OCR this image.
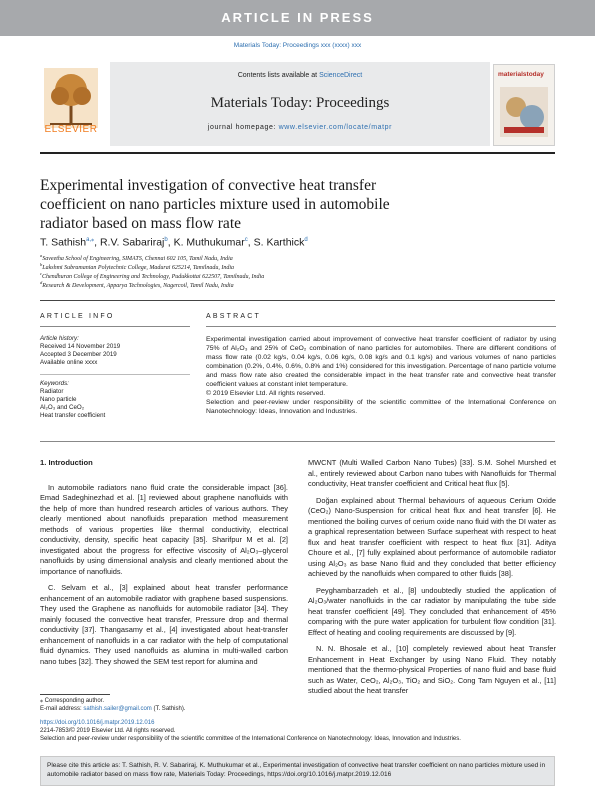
ARTICLE IN PRESS
Materials Today: Proceedings xxx (xxxx) xxx
ELSEVIER
Contents lists available at ScienceDirect
Materials Today: Proceedings
journal homepage: www.elsevier.com/locate/matpr
materialstoday
Experimental investigation of convective heat transfer coefficient on nano particles mixture used in automobile radiator based on mass flow rate
T. Sathish$^{a,⁎}$, R.V. Sabariraj$^b$, K. Muthukumar$^c$, S. Karthick$^d$
$^a$Saveetha School of Engineering, SIMATS, Chennai 602 105, Tamil Nadu, India
$^b$Lakshmi Subramanian Polytechnic College, Madurai 625214, Tamilnadu, India
$^c$Chendhuran College of Engineering and Technology, Pudukkottai 622507, Tamilnadu, India
$^d$Research & Development, Apparya Technologies, Nagercoil, Tamil Nadu, India
ARTICLE INFO	ABSTRACT
Article history:
Received 14 November 2019
Accepted 3 December 2019
Available online xxxx
Keywords:
Radiator
Nano particle
Al₂O₃ and CeO₂
Heat transfer coefficient

Experimental investigation carried about improvement of convective heat transfer coefficient of radiator by using 75% of Al₂O₃ and 25% of CeO₂ combination of nano particles for automobiles. There are different conditions of mass flow rate (0.02 kg/s, 0.04 kg/s, 0.06 kg/s, 0.08 kg/s and 0.1 kg/s) and various volumes of nano particles combination (0.2%, 0.4%, 0.6%, 0.8% and 1%) considered for this investigation. Percentage of nano particle volume and mass flow rate also created the considerable impact in the heat transfer rate and convective heat transfer coefficient values at constant inlet temperature.

© 2019 Elsevier Ltd. All rights reserved.

Selection and peer-review under responsibility of the scientific committee of the International Conference on Nanotechnology: Ideas, Innovation and Industries.

1. Introduction

In automobile radiators nano fluid crate the considerable impact [36]. Emad Sadeghinezhad et al. [1] reviewed about graphene nanofluids with the help of more than hundred research articles of various authors. They clearly mentioned about nanofluids preparation method measurement methods of various properties like thermal conductivity, electrical conductivity, density, specific heat capacity [35]. Sharifpur M et al. [2] investigated about the progress for effective viscosity of Al₂O₃–glycerol nanofluids by using dimensional analysis and clearly mentioned about the importance of nanofluids.

C. Selvam et al., [3] explained about heat transfer performance enhancement of an automobile radiator with graphene based suspensions. They used the Graphene as nanofluids for automobile radiator [34]. They mainly focused the convective heat transfer, Pressure drop and thermal conductivity [37]. Thangasamy et al., [4] investigated about heat-transfer enhancement of nanofluids in a car radiator with the help of computational fluid dynamics. They used nanofluids as alumina in multi-walled carbon nano tubes [32]. They showed the SEM test report for alumina and

MWCNT (Multi Walled Carbon Nano Tubes) [33]. S.M. Sohel Murshed et al., entirely reviewed about Carbon nano tubes with Nanofluids for Thermal conductivity, Heat transfer coefficient and Critical heat flux [5].

Doğan explained about Thermal behaviours of aqueous Cerium Oxide (CeO₂) Nano-Suspension for critical heat flux and heat transfer [6]. He mentioned the boiling curves of cerium oxide nano fluid with the DI water as a graphical representation between Surface superheat with respect to heat flux and heat transfer coefficient with respect to heat flux [31]. Aditya Choure et al., [7] fully explained about performance of automobile radiator using Al₂O₃ as base Nano fluid and they concluded that better efficiency achieved by the nanofluids when compared to other fluids [38].

Peyghambarzadeh et al., [8] undoubtedly studied the application of Al₂O₃/water nanofluids in the car radiator by manipulating the tube side heat transfer coefficient [49]. They concluded that enhancement of 45% comparing with the pure water application for turbulent flow condition [31]. Effect of heating and cooling requirements are discussed by [9].

N. N. Bhosale et al., [10] completely reviewed about heat Transfer Enhancement in Heat Exchanger by using Nano Fluid. They notably mentioned that the thermo-physical Properties of nano fluid and base fluid such as Water, CeO₂, Al₂O₃, TiO₂ and SiO₂. Cong Tam Nguyen et al., [11] studied about the heat transfer

⁎ Corresponding author.
E-mail address: sathish.sailer@gmail.com (T. Sathish).
https://doi.org/10.1016/j.matpr.2019.12.016
2214-7853/© 2019 Elsevier Ltd. All rights reserved.
Selection and peer-review under responsibility of the scientific committee of the International Conference on Nanotechnology: Ideas, Innovation and Industries.
Please cite this article as: T. Sathish, R. V. Sabariraj, K. Muthukumar et al., Experimental investigation of convective heat transfer coefficient on nano particles mixture used in automobile radiator based on mass flow rate, Materials Today: Proceedings, https://doi.org/10.1016/j.matpr.2019.12.016
